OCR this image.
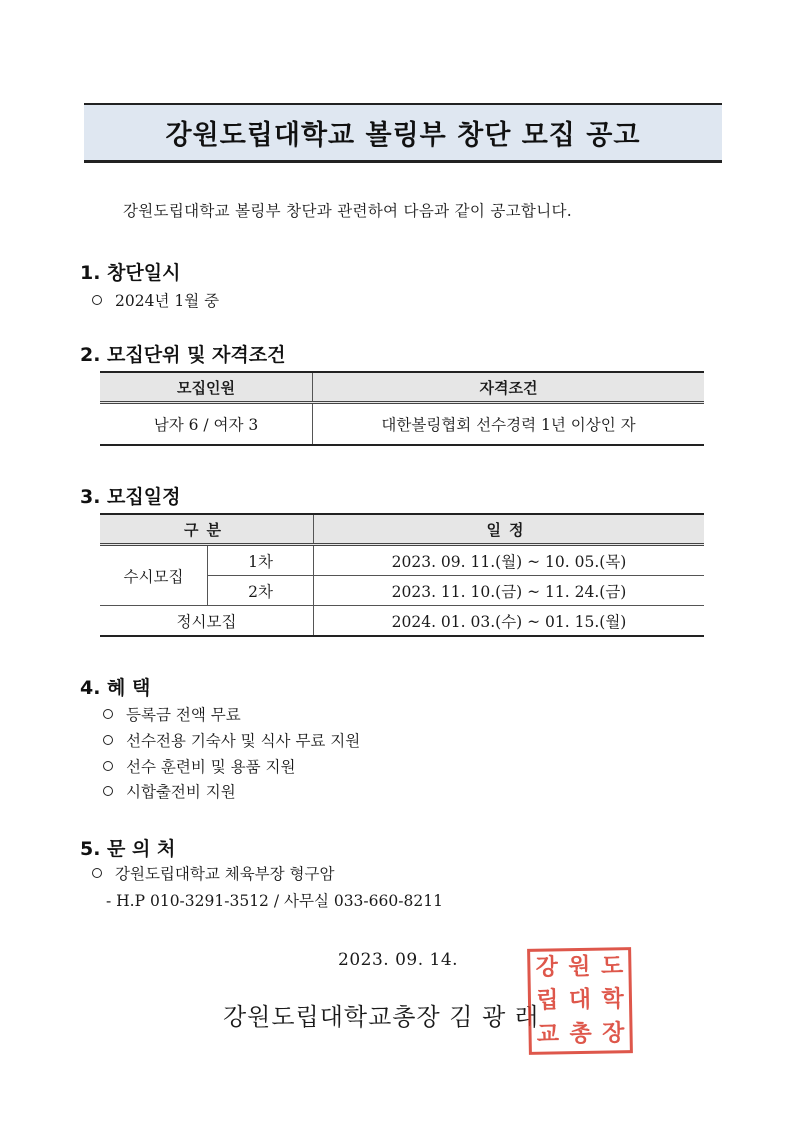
강원도립대학교 볼링부 창단 모집 공고
강원도립대학교 볼링부 창단과 관련하여 다음과 같이 공고합니다.
1. 창단일시
2024년 1월 중
2. 모집단위 및 자격조건
모집인원	자격조건
남자 6 / 여자 3	대한볼링협회 선수경력 1년 이상인 자
3. 모집일정
구분		일정
수시모집	1차	2023. 09. 11.(월) ~ 10. 05.(목)
	2차	2023. 11. 10.(금) ~ 11. 24.(금)
정시모집		2024. 01. 03.(수) ~ 01. 15.(월)
4. 혜 택
등록금 전액 무료
선수전용 기숙사 및 식사 무료 지원
선수 훈련비 및 용품 지원
시합출전비 지원
5. 문 의 처
강원도립대학교 체육부장 형구암
- H.P 010-3291-3512 / 사무실 033-660-8211
2023. 09. 14.
강원도립대학교총장 김 광 래
강 원 도
립 대 학
교 총 장
